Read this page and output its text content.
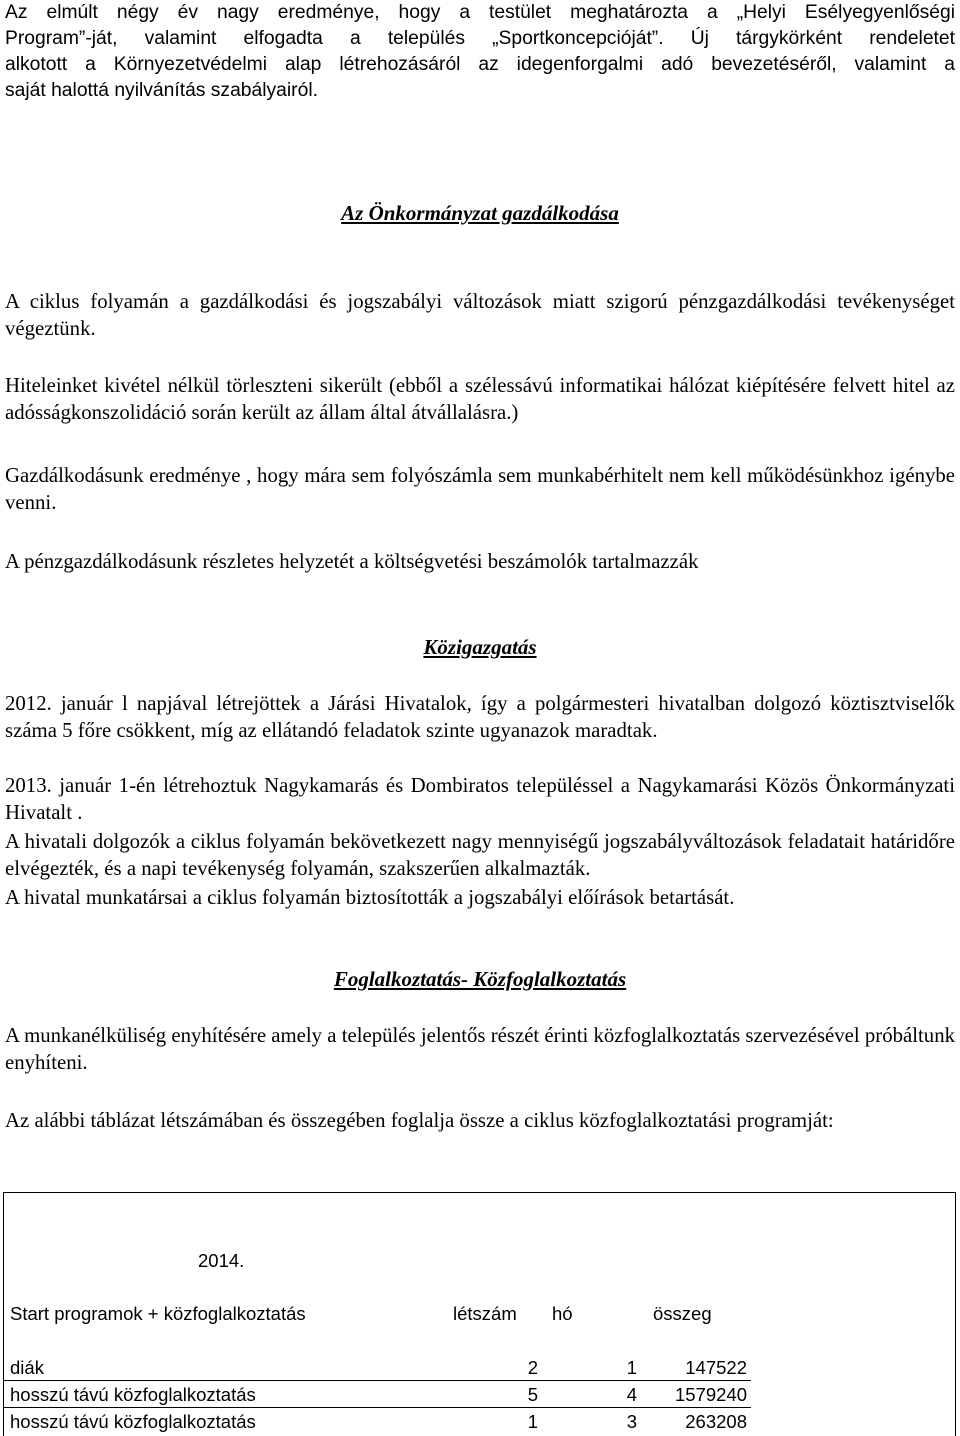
Az elmúlt négy év nagy eredménye, hogy a testület meghatározta a „Helyi Esélyegyenlőségi

Program”-ját, valamint elfogadta a település „Sportkoncepcióját”. Új tárgykörként rendeletet

alkotott a Környezetvédelmi alap létrehozásáról az idegenforgalmi adó bevezetéséről, valamint a

saját halottá nyilvánítás szabályairól.

Az Önkormányzat gazdálkodása

A ciklus folyamán a gazdálkodási és jogszabályi változások miatt szigorú pénzgazdálkodási tevékenységet végeztünk.

Hiteleinket kivétel nélkül törleszteni sikerült (ebből a szélessávú informatikai hálózat kiépítésére felvett hitel az adósságkonszolidáció során került az állam által átvállalásra.)

Gazdálkodásunk eredménye , hogy mára sem folyószámla sem munkabérhitelt nem kell működésünkhoz igénybe venni.

A pénzgazdálkodásunk részletes helyzetét a költségvetési beszámolók tartalmazzák

Közigazgatás

2012. január l napjával létrejöttek a Járási Hivatalok, így a polgármesteri hivatalban dolgozó köztisztviselők száma 5 főre csökkent, míg az ellátandó feladatok szinte ugyanazok maradtak.

2013. január 1-én létrehoztuk Nagykamarás és Dombiratos településsel a Nagykamarási Közös Önkormányzati Hivatalt .

A hivatali dolgozók a ciklus folyamán bekövetkezett nagy mennyiségű jogszabályváltozások feladatait határidőre elvégezték, és a napi tevékenység folyamán, szakszerűen alkalmazták.

A hivatal munkatársai a ciklus folyamán biztosították a jogszabályi előírások betartását.

Foglalkoztatás- Közfoglalkoztatás

A munkanélküliség enyhítésére amely a település jelentős részét érinti közfoglalkoztatás szervezésével próbáltunk enyhíteni.

Az alábbi táblázat létszámában és összegében foglalja össze a ciklus közfoglalkoztatási programját:

2014.
Start programok + közfoglalkoztatás	létszám hó	összeg
diák	2	1	147522
hosszú távú közfoglalkoztatás	5	4	1579240
hosszú távú közfoglalkoztatás	1	3	263208
